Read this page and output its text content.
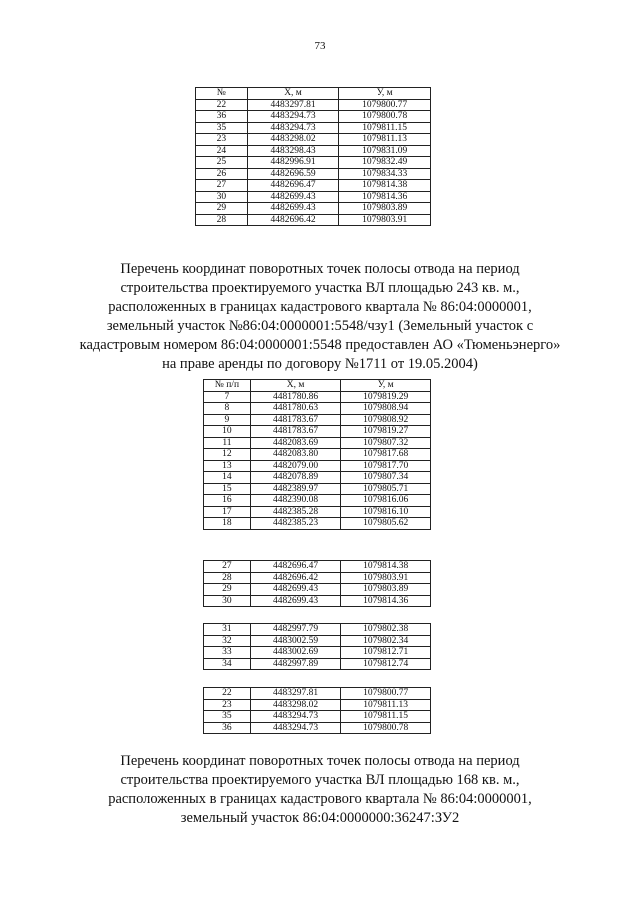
73
№	X, м	У, м
22	4483297.81	1079800.77
36	4483294.73	1079800.78
35	4483294.73	1079811.15
23	4483298.02	1079811.13
24	4483298.43	1079831.09
25	4482996.91	1079832.49
26	4482696.59	1079834.33
27	4482696.47	1079814.38
30	4482699.43	1079814.36
29	4482699.43	1079803.89
28	4482696.42	1079803.91
Перечень координат поворотных точек полосы отвода на период
строительства проектируемого участка ВЛ площадью 243 кв. м.,
расположенных в границах кадастрового квартала № 86:04:0000001,
земельный участок №86:04:0000001:5548/чзу1 (Земельный участок с
кадастровым номером 86:04:0000001:5548 предоставлен АО «Тюменьэнерго»
на праве аренды по договору №1711 от 19.05.2004)
№ п/п	X, м	У, м
7	4481780.86	1079819.29
8	4481780.63	1079808.94
9	4481783.67	1079808.92
10	4481783.67	1079819.27
11	4482083.69	1079807.32
12	4482083.80	1079817.68
13	4482079.00	1079817.70
14	4482078.89	1079807.34
15	4482389.97	1079805.71
16	4482390.08	1079816.06
17	4482385.28	1079816.10
18	4482385.23	1079805.62
27	4482696.47	1079814.38
28	4482696.42	1079803.91
29	4482699.43	1079803.89
30	4482699.43	1079814.36
31	4482997.79	1079802.38
32	4483002.59	1079802.34
33	4483002.69	1079812.71
34	4482997.89	1079812.74
22	4483297.81	1079800.77
23	4483298.02	1079811.13
35	4483294.73	1079811.15
36	4483294.73	1079800.78
Перечень координат поворотных точек полосы отвода на период
строительства проектируемого участка ВЛ площадью 168 кв. м.,
расположенных в границах кадастрового квартала № 86:04:0000001,
земельный участок 86:04:0000000:36247:ЗУ2
